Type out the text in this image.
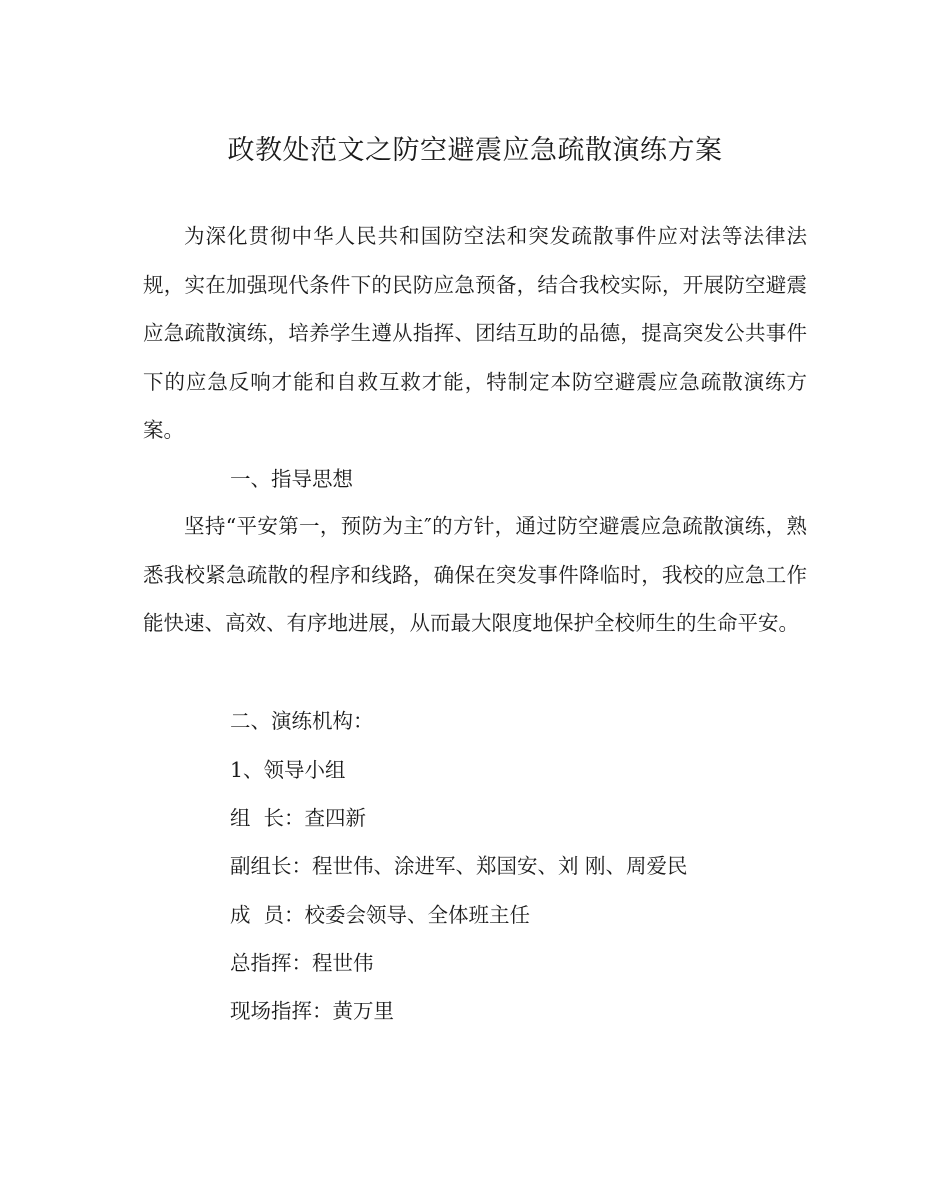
政教处范文之防空避震应急疏散演练方案

为深化贯彻中华人民共和国防空法和突发疏散事件应对法等法律法规，实在加强现代条件下的民防应急预备，结合我校实际，开展防空避震应急疏散演练，培养学生遵从指挥、团结互助的品德，提高突发公共事件下的应急反响才能和自救互救才能，特制定本防空避震应急疏散演练方案。

一、指导思想

坚持“平安第一，预防为主″的方针，通过防空避震应急疏散演练，熟悉我校紧急疏散的程序和线路，确保在突发事件降临时，我校的应急工作能快速、高效、有序地进展，从而最大限度地保护全校师生的生命平安。

二、演练机构：
1、领导小组
组  长：查四新
副组长：程世伟、涂进军、郑国安、刘 刚、周爱民
成  员：校委会领导、全体班主任
总指挥：程世伟
现场指挥：黄万里
